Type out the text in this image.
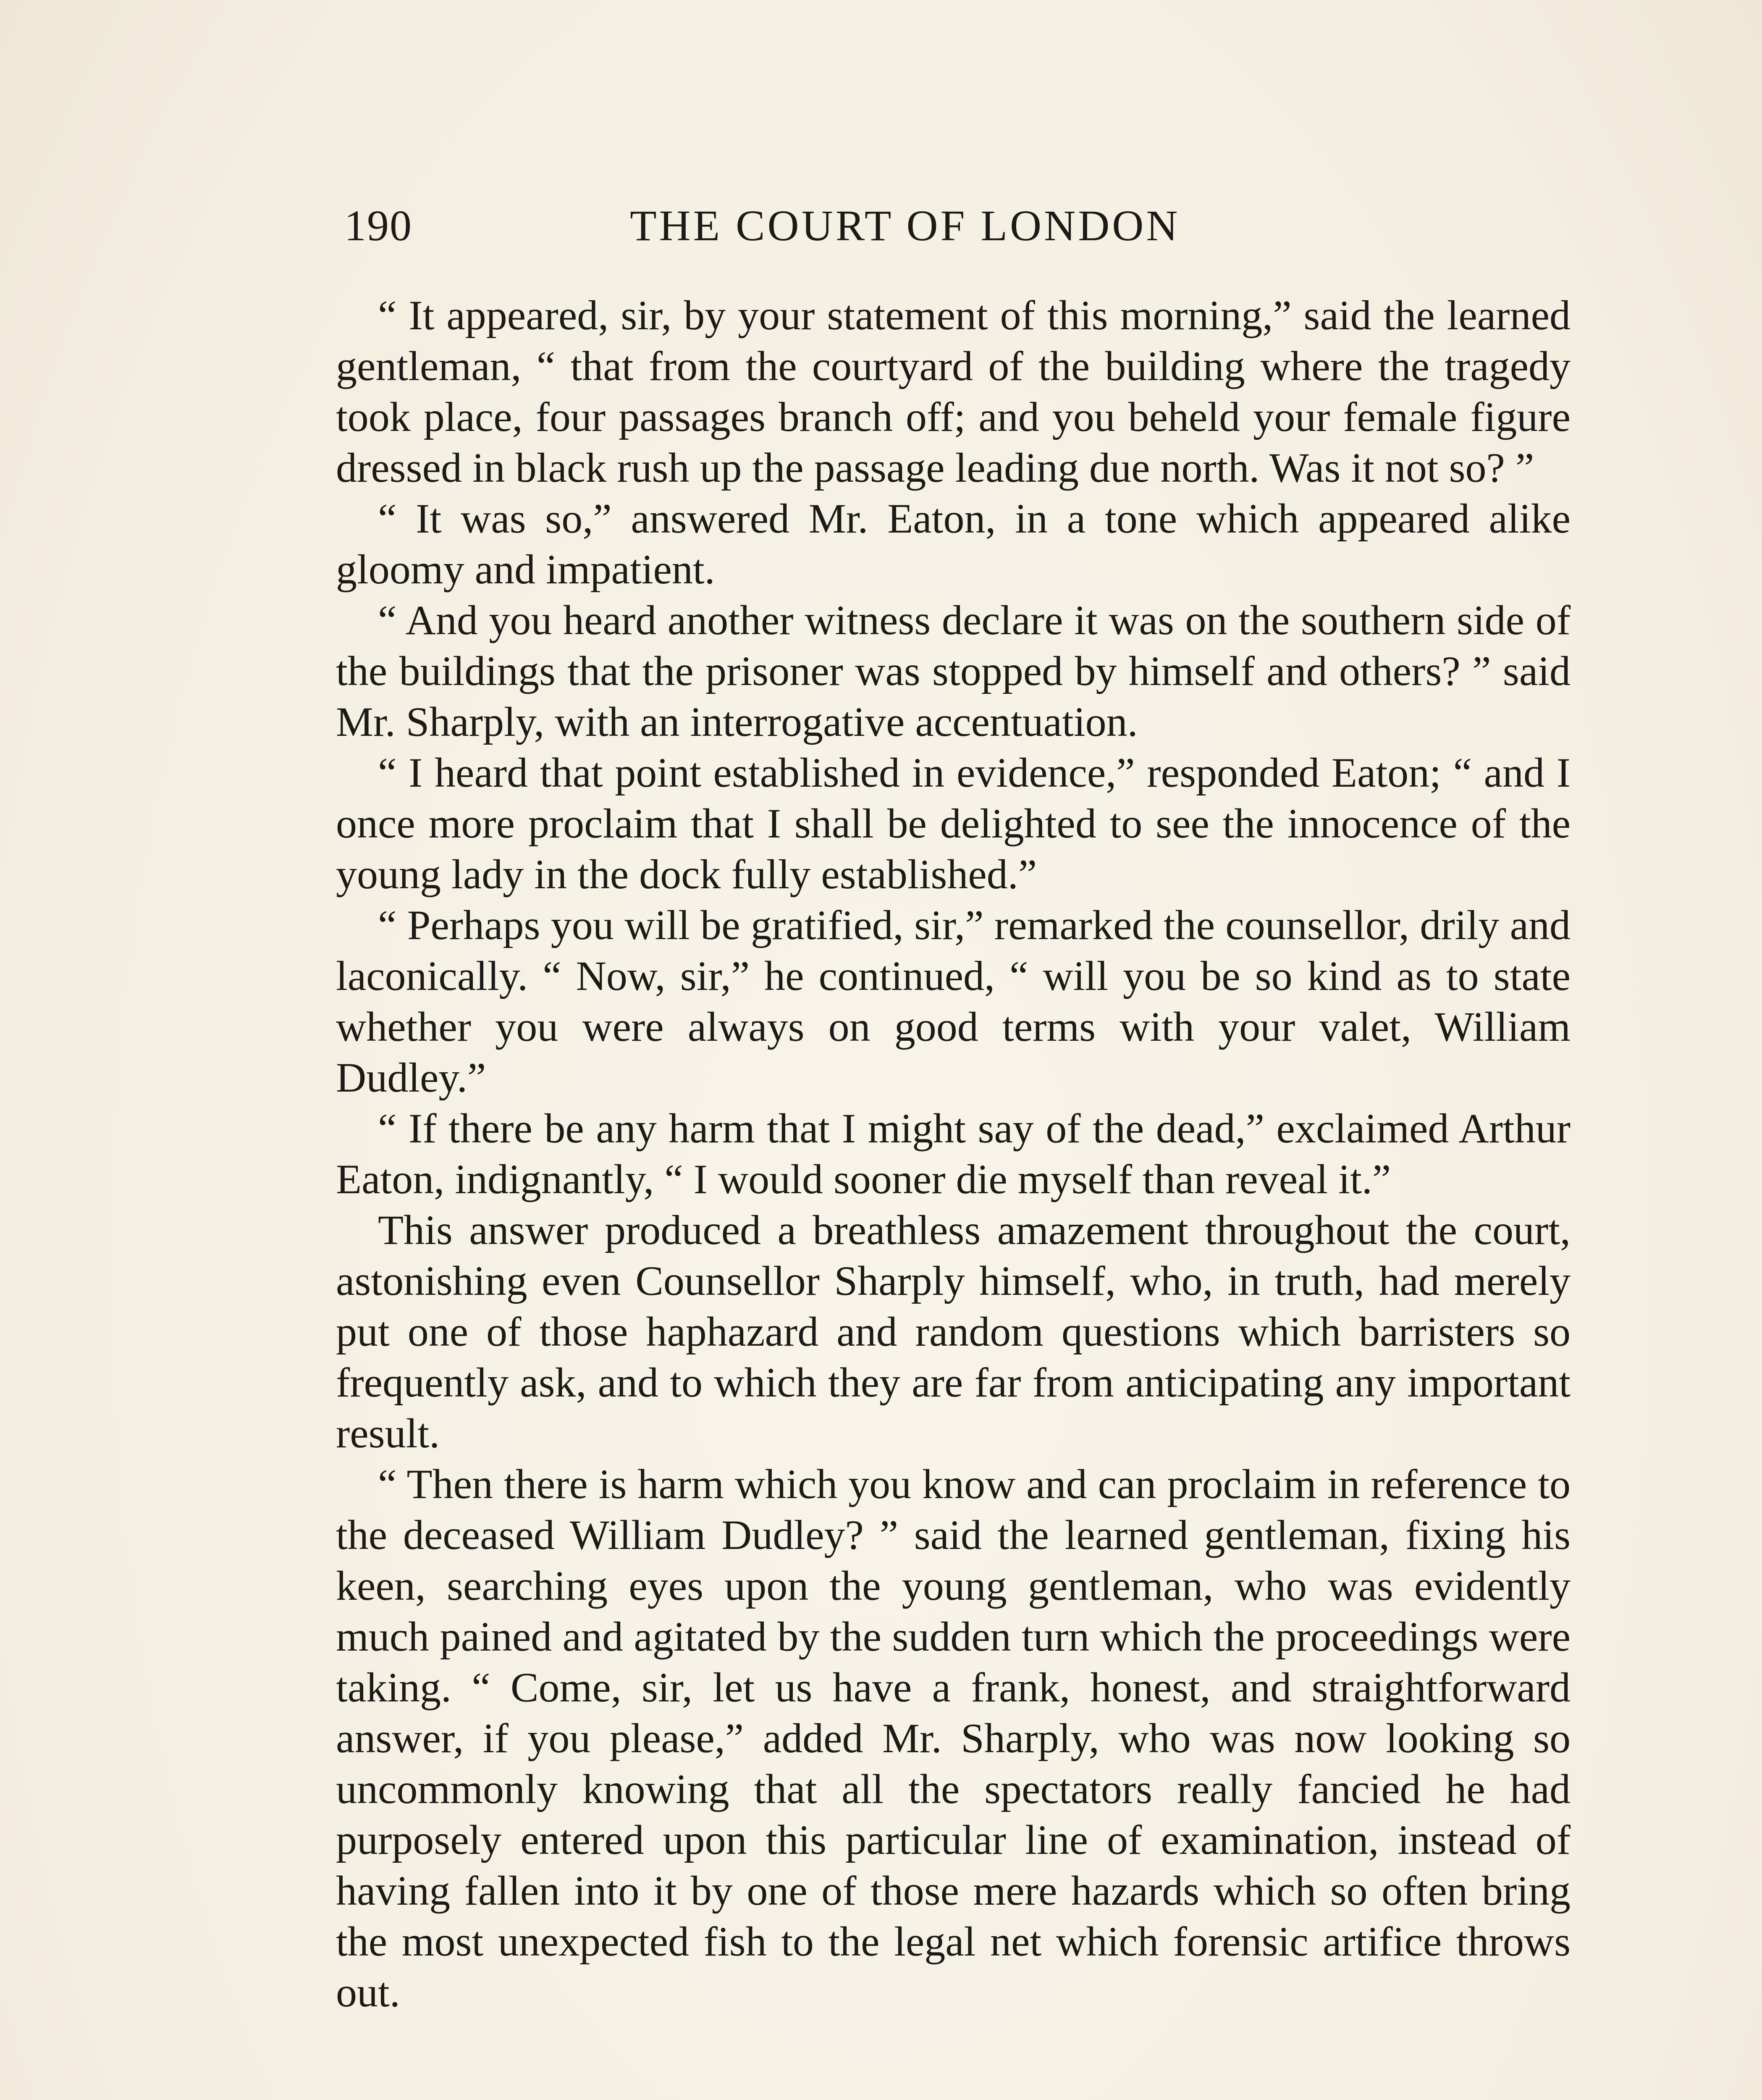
190	THE COURT OF LONDON

“ It appeared, sir, by your statement of this morning,” said the learned gentleman, “ that from the courtyard of the building where the tragedy took place, four passages branch off; and you beheld your female figure dressed in black rush up the passage leading due north. Was it not so? ”

“ It was so,” answered Mr. Eaton, in a tone which appeared alike gloomy and impatient.

“ And you heard another witness declare it was on the southern side of the buildings that the prisoner was stopped by himself and others? ” said Mr. Sharply, with an interrogative accentuation.

“ I heard that point established in evidence,” responded Eaton; “ and I once more proclaim that I shall be delighted to see the innocence of the young lady in the dock fully established.”

“ Perhaps you will be gratified, sir,” remarked the counsellor, drily and laconically. “ Now, sir,” he continued, “ will you be so kind as to state whether you were always on good terms with your valet, William Dudley.”

“ If there be any harm that I might say of the dead,” exclaimed Arthur Eaton, indignantly, “ I would sooner die myself than reveal it.”

This answer produced a breathless amazement throughout the court, astonishing even Counsellor Sharply himself, who, in truth, had merely put one of those haphazard and random questions which barristers so frequently ask, and to which they are far from anticipating any important result.

“ Then there is harm which you know and can proclaim in reference to the deceased William Dudley? ” said the learned gentleman, fixing his keen, searching eyes upon the young gentleman, who was evidently much pained and agitated by the sudden turn which the proceedings were taking. “ Come, sir, let us have a frank, honest, and straightforward answer, if you please,” added Mr. Sharply, who was now looking so uncommonly knowing that all the spectators really fancied he had purposely entered upon this particular line of examination, instead of having fallen into it by one of those mere hazards which so often bring the most unexpected fish to the legal net which forensic artifice throws out.
